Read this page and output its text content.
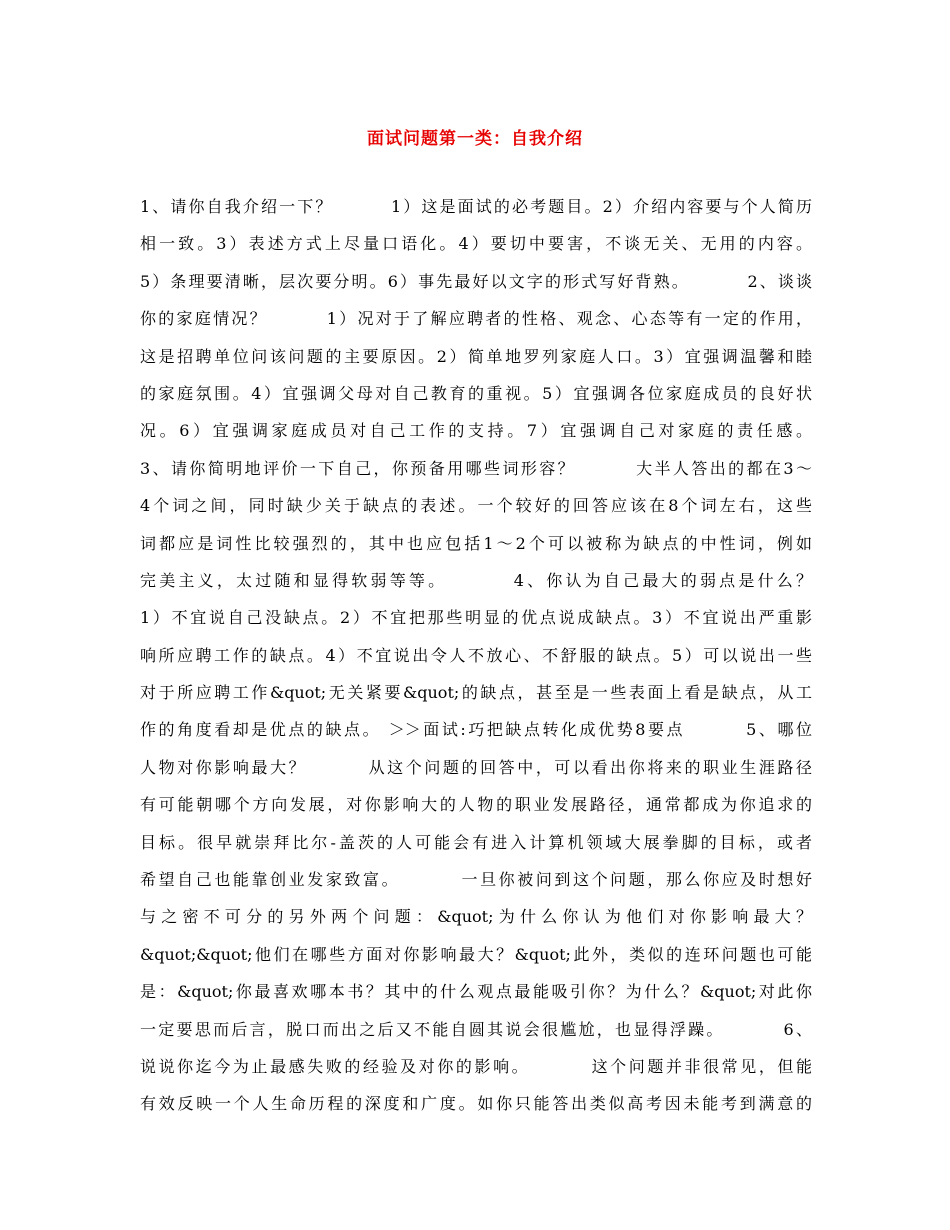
面试问题第一类：自我介绍
1、请你自我介绍一下？        1）这是面试的必考题目。2）介绍内容要与个人简历
相一致。3）表述方式上尽量口语化。4）要切中要害，不谈无关、无用的内容。
5）条理要清晰，层次要分明。6）事先最好以文字的形式写好背熟。        2、谈谈
你的家庭情况？        1）况对于了解应聘者的性格、观念、心态等有一定的作用，
这是招聘单位问该问题的主要原因。2）简单地罗列家庭人口。3）宜强调温馨和睦
的家庭氛围。4）宜强调父母对自己教育的重视。5）宜强调各位家庭成员的良好状
况。6）宜强调家庭成员对自己工作的支持。7）宜强调自己对家庭的责任感。
3、请你简明地评价一下自己，你预备用哪些词形容？        大半人答出的都在3～
4个词之间，同时缺少关于缺点的表述。一个较好的回答应该在8个词左右，这些
词都应是词性比较强烈的，其中也应包括1～2个可以被称为缺点的中性词，例如
完美主义，太过随和显得软弱等等。        4、你认为自己最大的弱点是什么？
1）不宜说自己没缺点。2）不宜把那些明显的优点说成缺点。3）不宜说出严重影
响所应聘工作的缺点。4）不宜说出令人不放心、不舒服的缺点。5）可以说出一些
对于所应聘工作&quot;无关紧要&quot;的缺点，甚至是一些表面上看是缺点，从工
作的角度看却是优点的缺点。 ＞＞面试:巧把缺点转化成优势8要点        5、哪位
人物对你影响最大？        从这个问题的回答中，可以看出你将来的职业生涯路径
有可能朝哪个方向发展，对你影响大的人物的职业发展路径，通常都成为你追求的
目标。很早就崇拜比尔-盖茨的人可能会有进入计算机领域大展拳脚的目标，或者
希望自己也能靠创业发家致富。        一旦你被问到这个问题，那么你应及时想好
与之密不可分的另外两个问题：&quot;为什么你认为他们对你影响最大？
&quot;&quot;他们在哪些方面对你影响最大？&quot;此外，类似的连环问题也可能
是：&quot;你最喜欢哪本书？其中的什么观点最能吸引你？为什么？&quot;对此你
一定要思而后言，脱口而出之后又不能自圆其说会很尴尬，也显得浮躁。        6、
说说你迄今为止最感失败的经验及对你的影响。        这个问题并非很常见，但能
有效反映一个人生命历程的深度和广度。如你只能答出类似高考因未能考到满意的
